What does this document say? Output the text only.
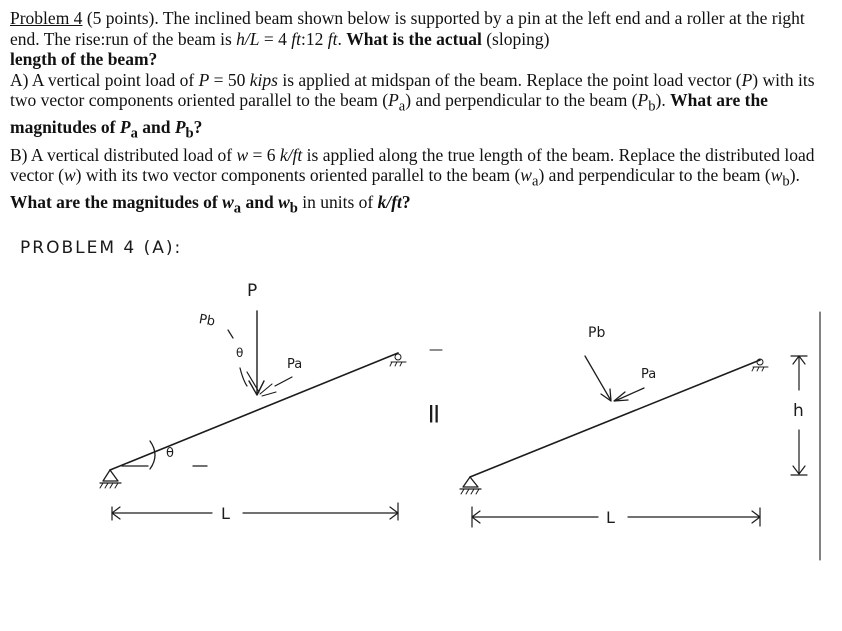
Problem 4 (5 points). The inclined beam shown below is supported by a pin at the left end and a roller at the right end. The rise:run of the beam is h/L = 4 ft:12 ft. What is the actual (sloping)
length of the beam?

A) A vertical point load of P = 50 kips is applied at midspan of the beam. Replace the point load vector (P) with its two vector components oriented parallel to the beam $(P_a)$ and perpendicular to the beam $(P_b)$. What are the magnitudes of $P_a$ and $P_b$?

B) A vertical distributed load of w = 6 k/ft is applied along the true length of the beam. Replace the distributed load vector (w) with its two vector components oriented parallel to the beam $(w_a)$ and perpendicular to the beam $(w_b)$. What are the magnitudes of $w_a$ and $w_b$ in units of k/ft?

PROBLEM 4 (A):
θ
P
Pb
θ
Pa
L
=
Pb
Pa
L
h
